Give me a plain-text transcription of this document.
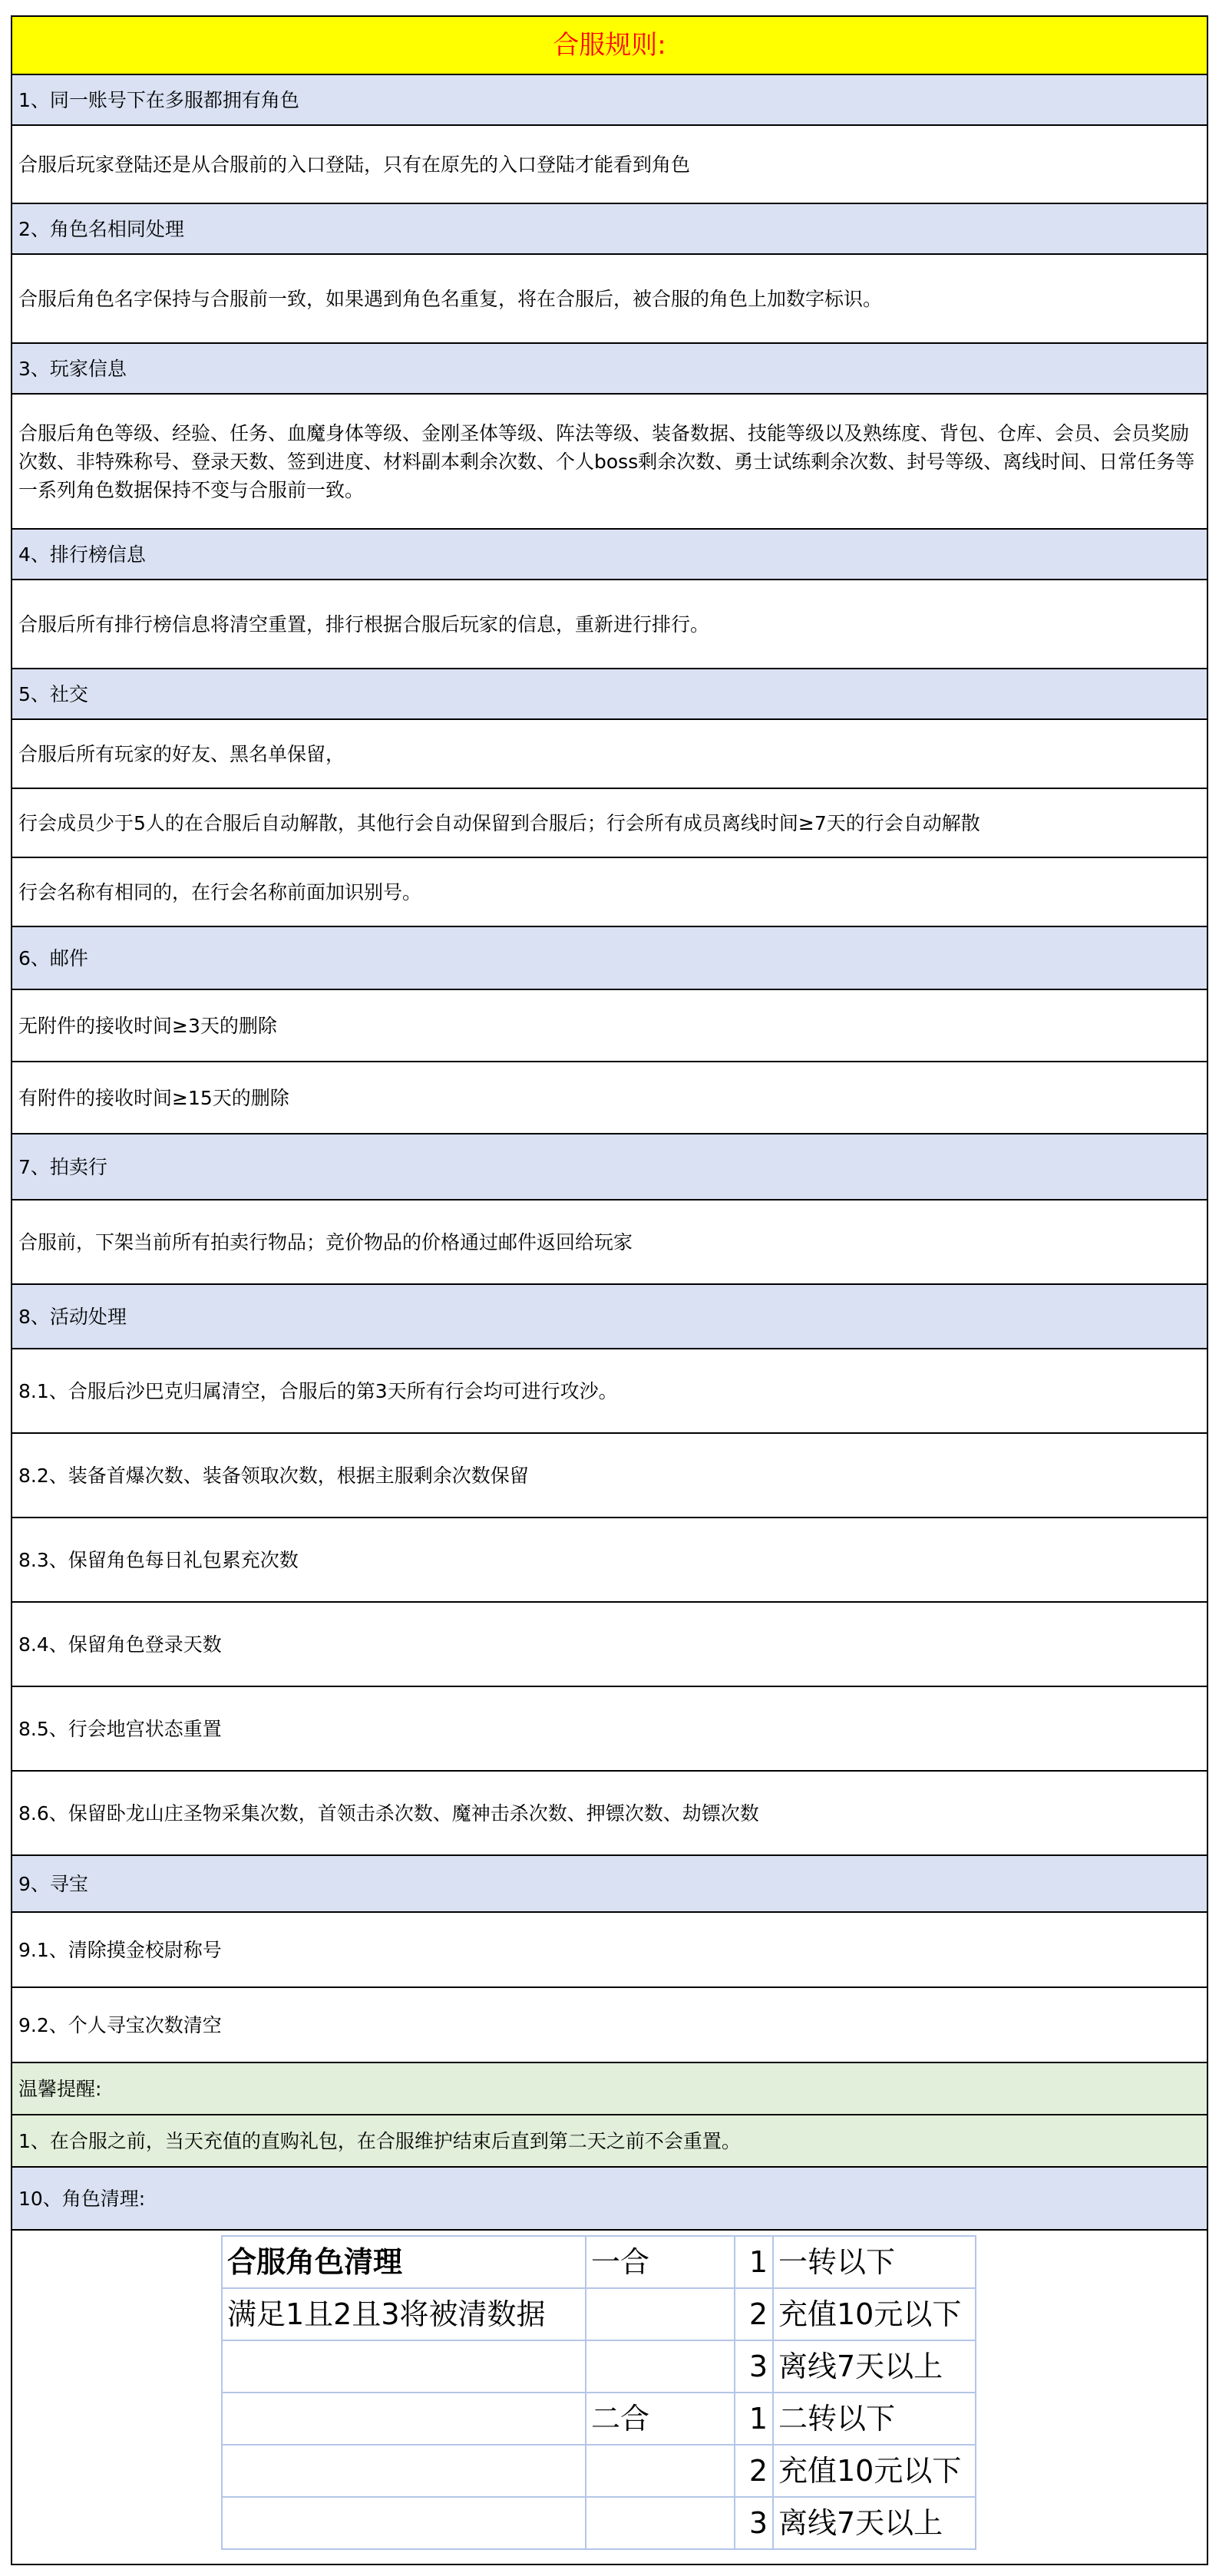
合服规则:
1、同一账号下在多服都拥有角色
合服后玩家登陆还是从合服前的入口登陆，只有在原先的入口登陆才能看到角色
2、角色名相同处理
合服后角色名字保持与合服前一致，如果遇到角色名重复，将在合服后，被合服的角色上加数字标识。
3、玩家信息
合服后角色等级、经验、任务、血魔身体等级、金刚圣体等级、阵法等级、装备数据、技能等级以及熟练度、背包、仓库、会员、会员奖励次数、非特殊称号、登录天数、签到进度、材料副本剩余次数、个人boss剩余次数、勇士试练剩余次数、封号等级、离线时间、日常任务等一系列角色数据保持不变与合服前一致。
4、排行榜信息
合服后所有排行榜信息将清空重置，排行根据合服后玩家的信息，重新进行排行。
5、社交
合服后所有玩家的好友、黑名单保留，
行会成员少于5人的在合服后自动解散，其他行会自动保留到合服后；行会所有成员离线时间≥7天的行会自动解散
行会名称有相同的，在行会名称前面加识别号。
6、邮件
无附件的接收时间≥3天的删除
有附件的接收时间≥15天的删除
7、拍卖行
合服前，下架当前所有拍卖行物品；竞价物品的价格通过邮件返回给玩家
8、活动处理
8.1、合服后沙巴克归属清空，合服后的第3天所有行会均可进行攻沙。
8.2、装备首爆次数、装备领取次数，根据主服剩余次数保留
8.3、保留角色每日礼包累充次数
8.4、保留角色登录天数
8.5、行会地宫状态重置
8.6、保留卧龙山庄圣物采集次数，首领击杀次数、魔神击杀次数、押镖次数、劫镖次数
9、寻宝
9.1、清除摸金校尉称号
9.2、个人寻宝次数清空
温馨提醒:
1、在合服之前，当天充值的直购礼包，在合服维护结束后直到第二天之前不会重置。
10、角色清理:
合服角色清理	一合	1	一转以下
满足1且2且3将被清数据		2	充值10元以下
		3	离线7天以上
	二合	1	二转以下
		2	充值10元以下
		3	离线7天以上
